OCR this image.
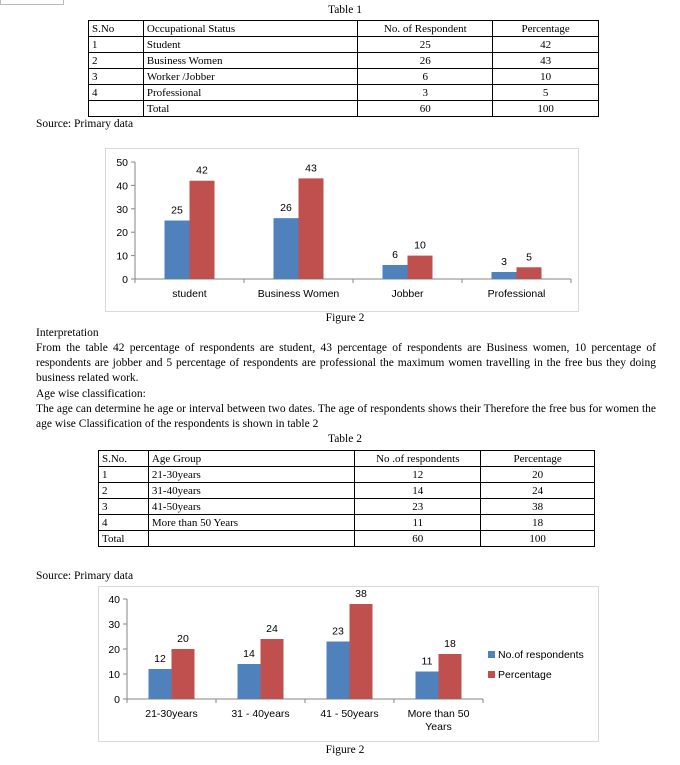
Table 1
S.No	Occupational Status	No. of Respondent	Percentage
1	Student	25	42
2	Business Women	26	43
3	Worker /Jobber	6	10
4	Professional	3	5
	Total	60	100
Source: Primary data
0
10
20
30
40
50
25
42
student
26
43
Business Women
6
10
Jobber
3 5
Professional
Figure 2
Interpretation
From the table 42 percentage of respondents are student, 43 percentage of respondents are Business women, 10 percentage of respondents are jobber and 5 percentage of respondents are professional the maximum women travelling in the free bus they doing business related work.
Age wise classification:
The age can determine he age or interval between two dates. The age of respondents shows their Therefore the free bus for women the age wise Classification of the respondents is shown in table 2
Table 2
S.No.	Age Group	No .of respondents	Percentage
1	21-30years	12	20
2	31-40years	14	24
3	41-50years	23	38
4	More than 50 Years	11	18
Total		60	100
Source: Primary data
0
10
20
30
40
12
20
21-30years
14
24
31 - 40years
23
38
41 - 50years
11
18
More than 50 Years
No.of respondents
Percentage
Figure 2
